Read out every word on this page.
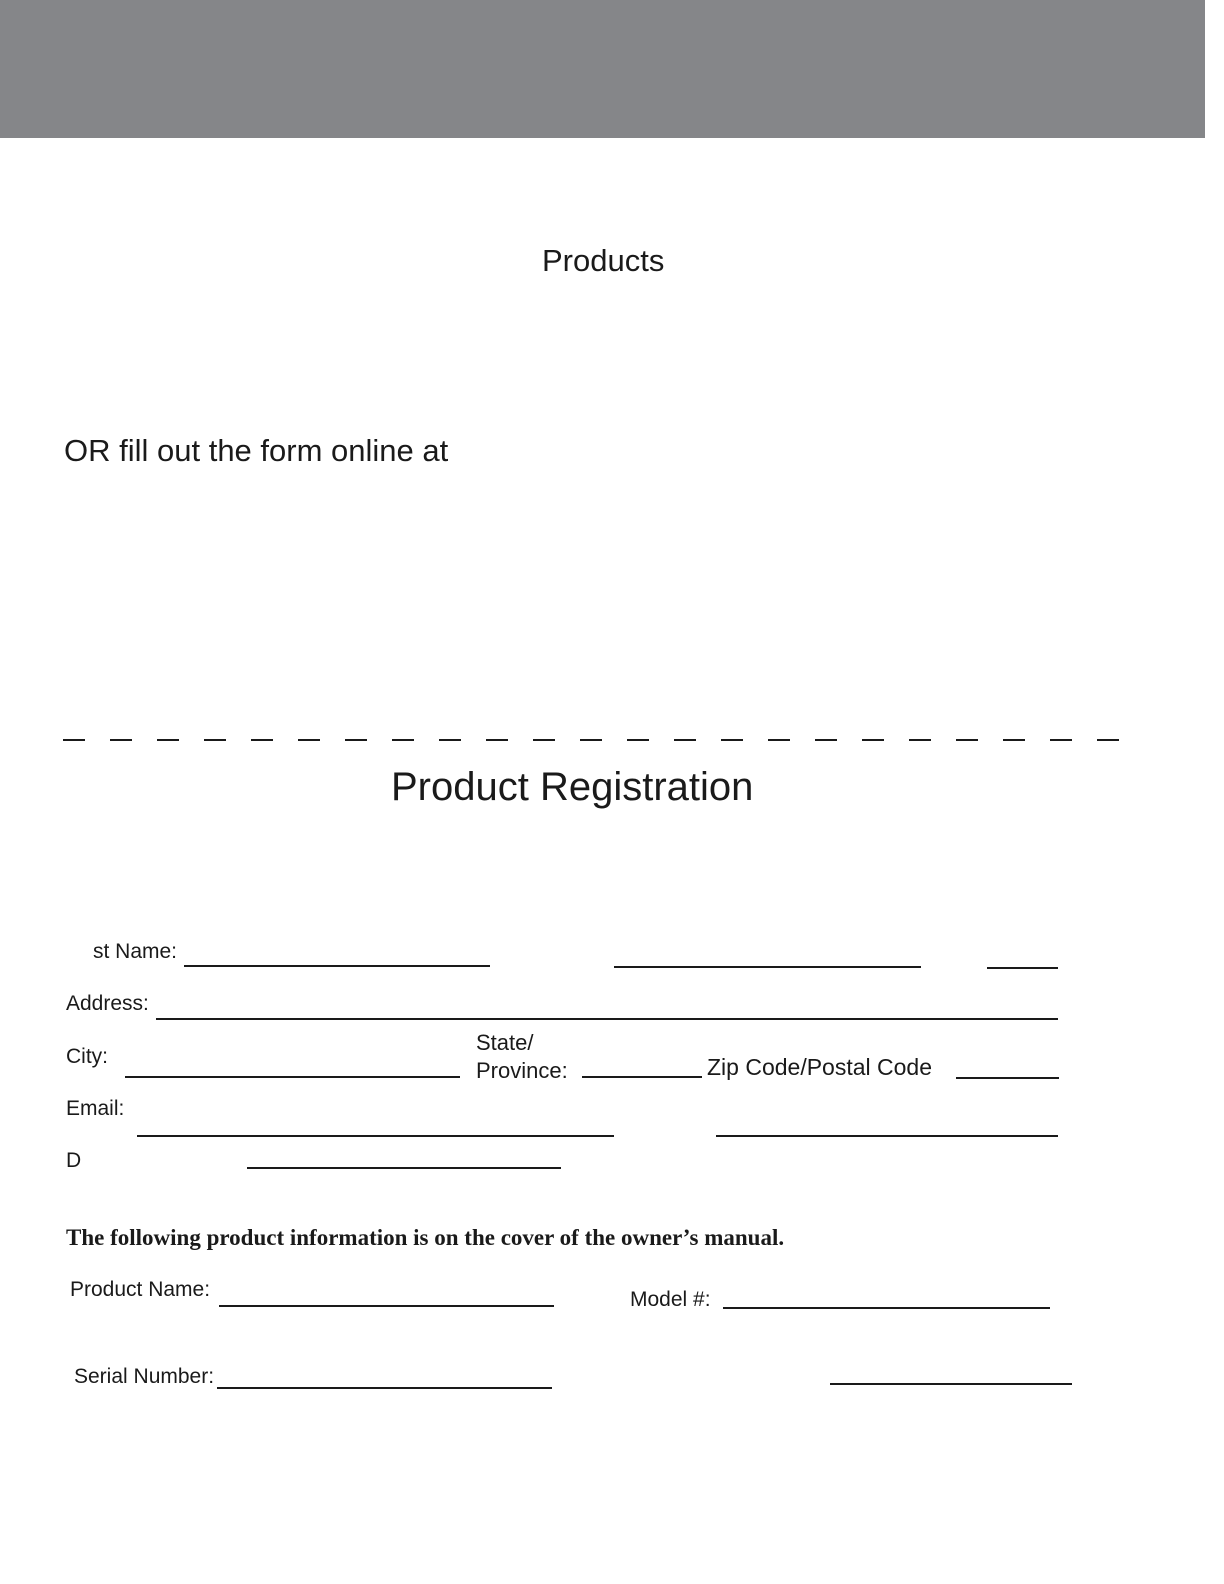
Products
OR fill out the form online at
Product Registration
st Name:
Address:
City:
State/
Province:	Zip Code/Postal Code
Email:
D
The following product information is on the cover of the owner’s manual.
Product Name:	Model #:
Serial Number:
